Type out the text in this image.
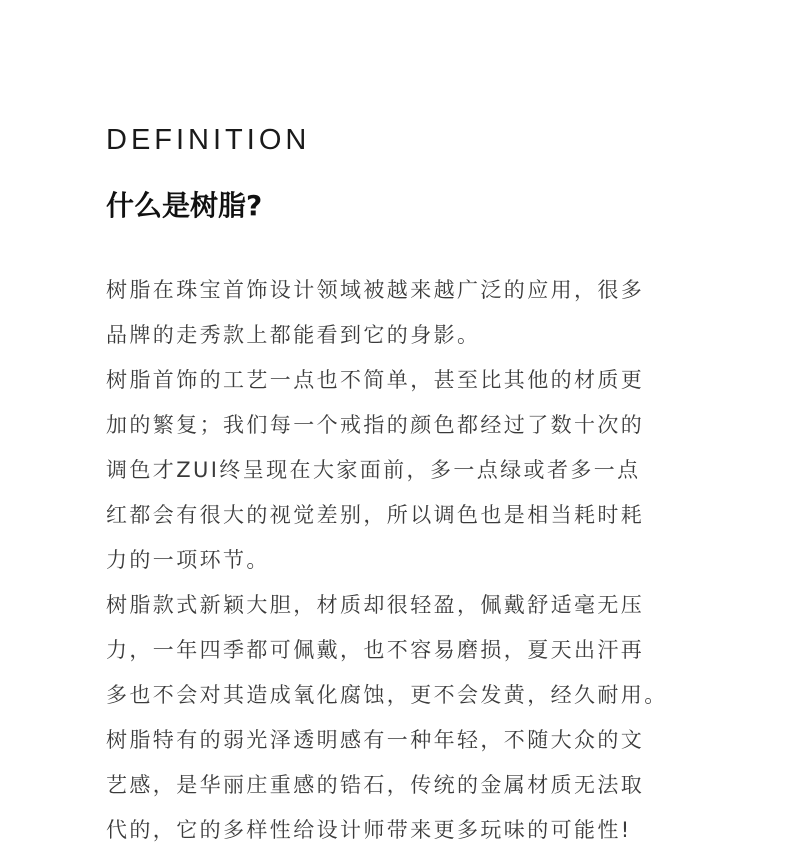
DEFINITION
什么是树脂?
树脂在珠宝首饰设计领域被越来越广泛的应用，很多
品牌的走秀款上都能看到它的身影。
树脂首饰的工艺一点也不简单，甚至比其他的材质更
加的繁复；我们每一个戒指的颜色都经过了数十次的
调色才ZUI终呈现在大家面前，多一点绿或者多一点
红都会有很大的视觉差别，所以调色也是相当耗时耗
力的一项环节。
树脂款式新颖大胆，材质却很轻盈，佩戴舒适毫无压
力，一年四季都可佩戴，也不容易磨损，夏天出汗再
多也不会对其造成氧化腐蚀，更不会发黄，经久耐用。
树脂特有的弱光泽透明感有一种年轻，不随大众的文
艺感，是华丽庄重感的锆石，传统的金属材质无法取
代的，它的多样性给设计师带来更多玩味的可能性!
